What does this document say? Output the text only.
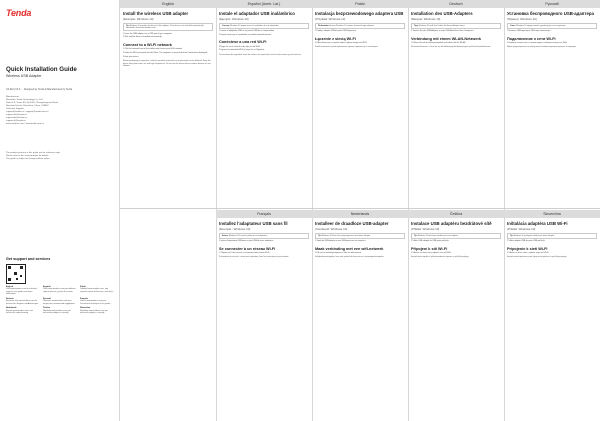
Tenda
Quick Installation Guide
Wireless USB Adapter
U2 (EU) V2.0 … Designed by Tenda & Manufactured by Tenda
Manufacturer:
Shenzhen Tenda Technology Co., Ltd.
Floor 6–8, Tower E3, No.1001, Zhongshanyuan Road,
Nanshan District, Shenzhen, China. 518052
Technical Support:
support@tenda.cn / support@tenda.com.cn
support.uk@tenda.cn
support.de@tenda.cn
support.fr@tenda.cn
www.tendacn.com / www.tenda.com.cn
The product pictures in this guide are for reference only.
Please refer to the actual product for details.
The guide is subject to change without notice.
Get support and services
English
Visit www.tendacn.com for technical support, user guides and more information.
Español
Visite www.tendacn.com para obtener soporte técnico y guías de usuario.
Polski
Odwiedź www.tendacn.com, aby uzyskać pomoc techniczną i instrukcje.
Deutsch
Besuchen Sie www.tendacn.com für technischen Support und Anleitungen.
Русский
Посетите www.tendacn.com для получения технической поддержки.
Français
Visitez www.tendacn.com pour l'assistance technique et les guides.
Nederlands
Bezoek www.tendacn.com voor technische ondersteuning.
Čeština
Navštivte www.tendacn.com pro technickou podporu a návody.
Slovenčina
Navštívte www.tendacn.com pre technickú podporu a návody.
English
Install the wireless USB adapter
(Example: Windows 10)
Tip Windows 10 provides the driver for this adapter. If the driver is not installed automatically, download it from www.tendacn.com.
1 Insert the USB adapter into a USB port of your computer.
2 Wait until the driver is installed automatically.
Connect to a Wi-Fi network
1 Click the network icon on the taskbar and choose your Wi-Fi network.
2 Enter the Wi-Fi password and click Next. The computer is connected when Connected is displayed.
Safety precautions
Before performing an operation, read the operation instructions and precautions to be followed. Keep the device away from water, fire and high temperature. Do not use the device where wireless devices are not allowed.
Español (Amér. Lat.)
Instale el adaptador USB inalámbrico
(Ejemplo: Windows 10)
Consejo Windows 10 proporciona el controlador de este adaptador.
1 Inserte el adaptador USB en un puerto USB de su computadora.
2 Espere hasta que el controlador se instale automáticamente.
Conéctese a una red Wi-Fi
1 Haga clic en el icono de red y elija su red Wi-Fi.
2 Ingrese la contraseña Wi-Fi y haga clic en Siguiente.
Precauciones de seguridad: antes de realizar una operación, lea las instrucciones y precauciones.
Polski
Instalacja bezprzewodowego adaptera USB
(Przykład: Windows 10)
Wskazówka System Windows 10 zawiera sterownik tego adaptera.
1 Podłącz adapter USB do portu USB komputera.
Łączenie z siecią Wi-Fi
1 Kliknij ikonę sieci na pasku zadań i wybierz swoją sieć Wi-Fi.
Środki ostrożności: przed wykonaniem operacji zapoznaj się z instrukcjami.
Deutsch
Installation des USB-Adapters
(Beispiel: Windows 10)
Tipp Windows 10 stellt den Treiber für diesen Adapter bereit.
1 Stecken Sie den USB-Adapter in einen USB-Anschluss Ihres Computers.
Verbindung mit einem WLAN-Netzwerk
1 Klicken Sie auf das Netzwerksymbol und wählen Sie Ihr WLAN.
Sicherheitshinweise: Lesen Sie vor der Bedienung die Anweisungen und Vorsichtsmaßnahmen.
Русский
Установка беспроводного USB-адаптера
(Пример: Windows 10)
Совет Windows 10 предоставляет драйвер для этого адаптера.
1 Вставьте USB-адаптер в USB-порт компьютера.
Подключение к сети Wi-Fi
1 Нажмите значок сети на панели задач и выберите вашу сеть Wi-Fi.
Меры предосторожности: перед выполнением операции прочтите инструкции.
Français
Installez l'adaptateur USB sans fil
(Exemple : Windows 10)
Astuce Windows 10 fournit le pilote de cet adaptateur.
1 Insérez l'adaptateur USB dans un port USB de votre ordinateur.
Se connecter à un réseau Wi-Fi
1 Cliquez sur l'icône réseau et choisissez votre réseau Wi-Fi.
Précautions de sécurité : avant toute opération, lisez les instructions et précautions.
Nederlands
Installeer de draadloze USB-adapter
(Voorbeeld: Windows 10)
Tip Windows 10 levert het stuurprogramma voor deze adapter.
1 Steek de USB-adapter in een USB-poort van uw computer.
Maak verbinding met een wifi-netwerk
1 Klik op het netwerkpictogram en kies uw wifi-netwerk.
Veiligheidsmaatregelen: lees vóór gebruik de instructies en voorzorgsmaatregelen.
Čeština
Instalace USB adaptéru bezdrátové sítě
(Příklad: Windows 10)
Tip Windows 10 obsahuje ovladač pro tento adaptér.
1 Vložte USB adaptér do USB portu počítače.
Připojení k síti Wi-Fi
1 Klikněte na ikonu sítě a vyberte svou síť Wi-Fi.
Bezpečnostní opatření: před provedením operace si přečtěte pokyny.
Slovenčina
Inštalácia adaptéra USB Wi-Fi
(Príklad: Windows 10)
Tip Windows 10 poskytuje ovládač pre tento adaptér.
1 Vložte adaptér USB do portu USB počítača.
Pripojenie k sieti Wi-Fi
1 Kliknite na ikonu siete a vyberte svoju sieť Wi-Fi.
Bezpečnostné opatrenia: pred vykonaním operácie si prečítajte pokyny.
